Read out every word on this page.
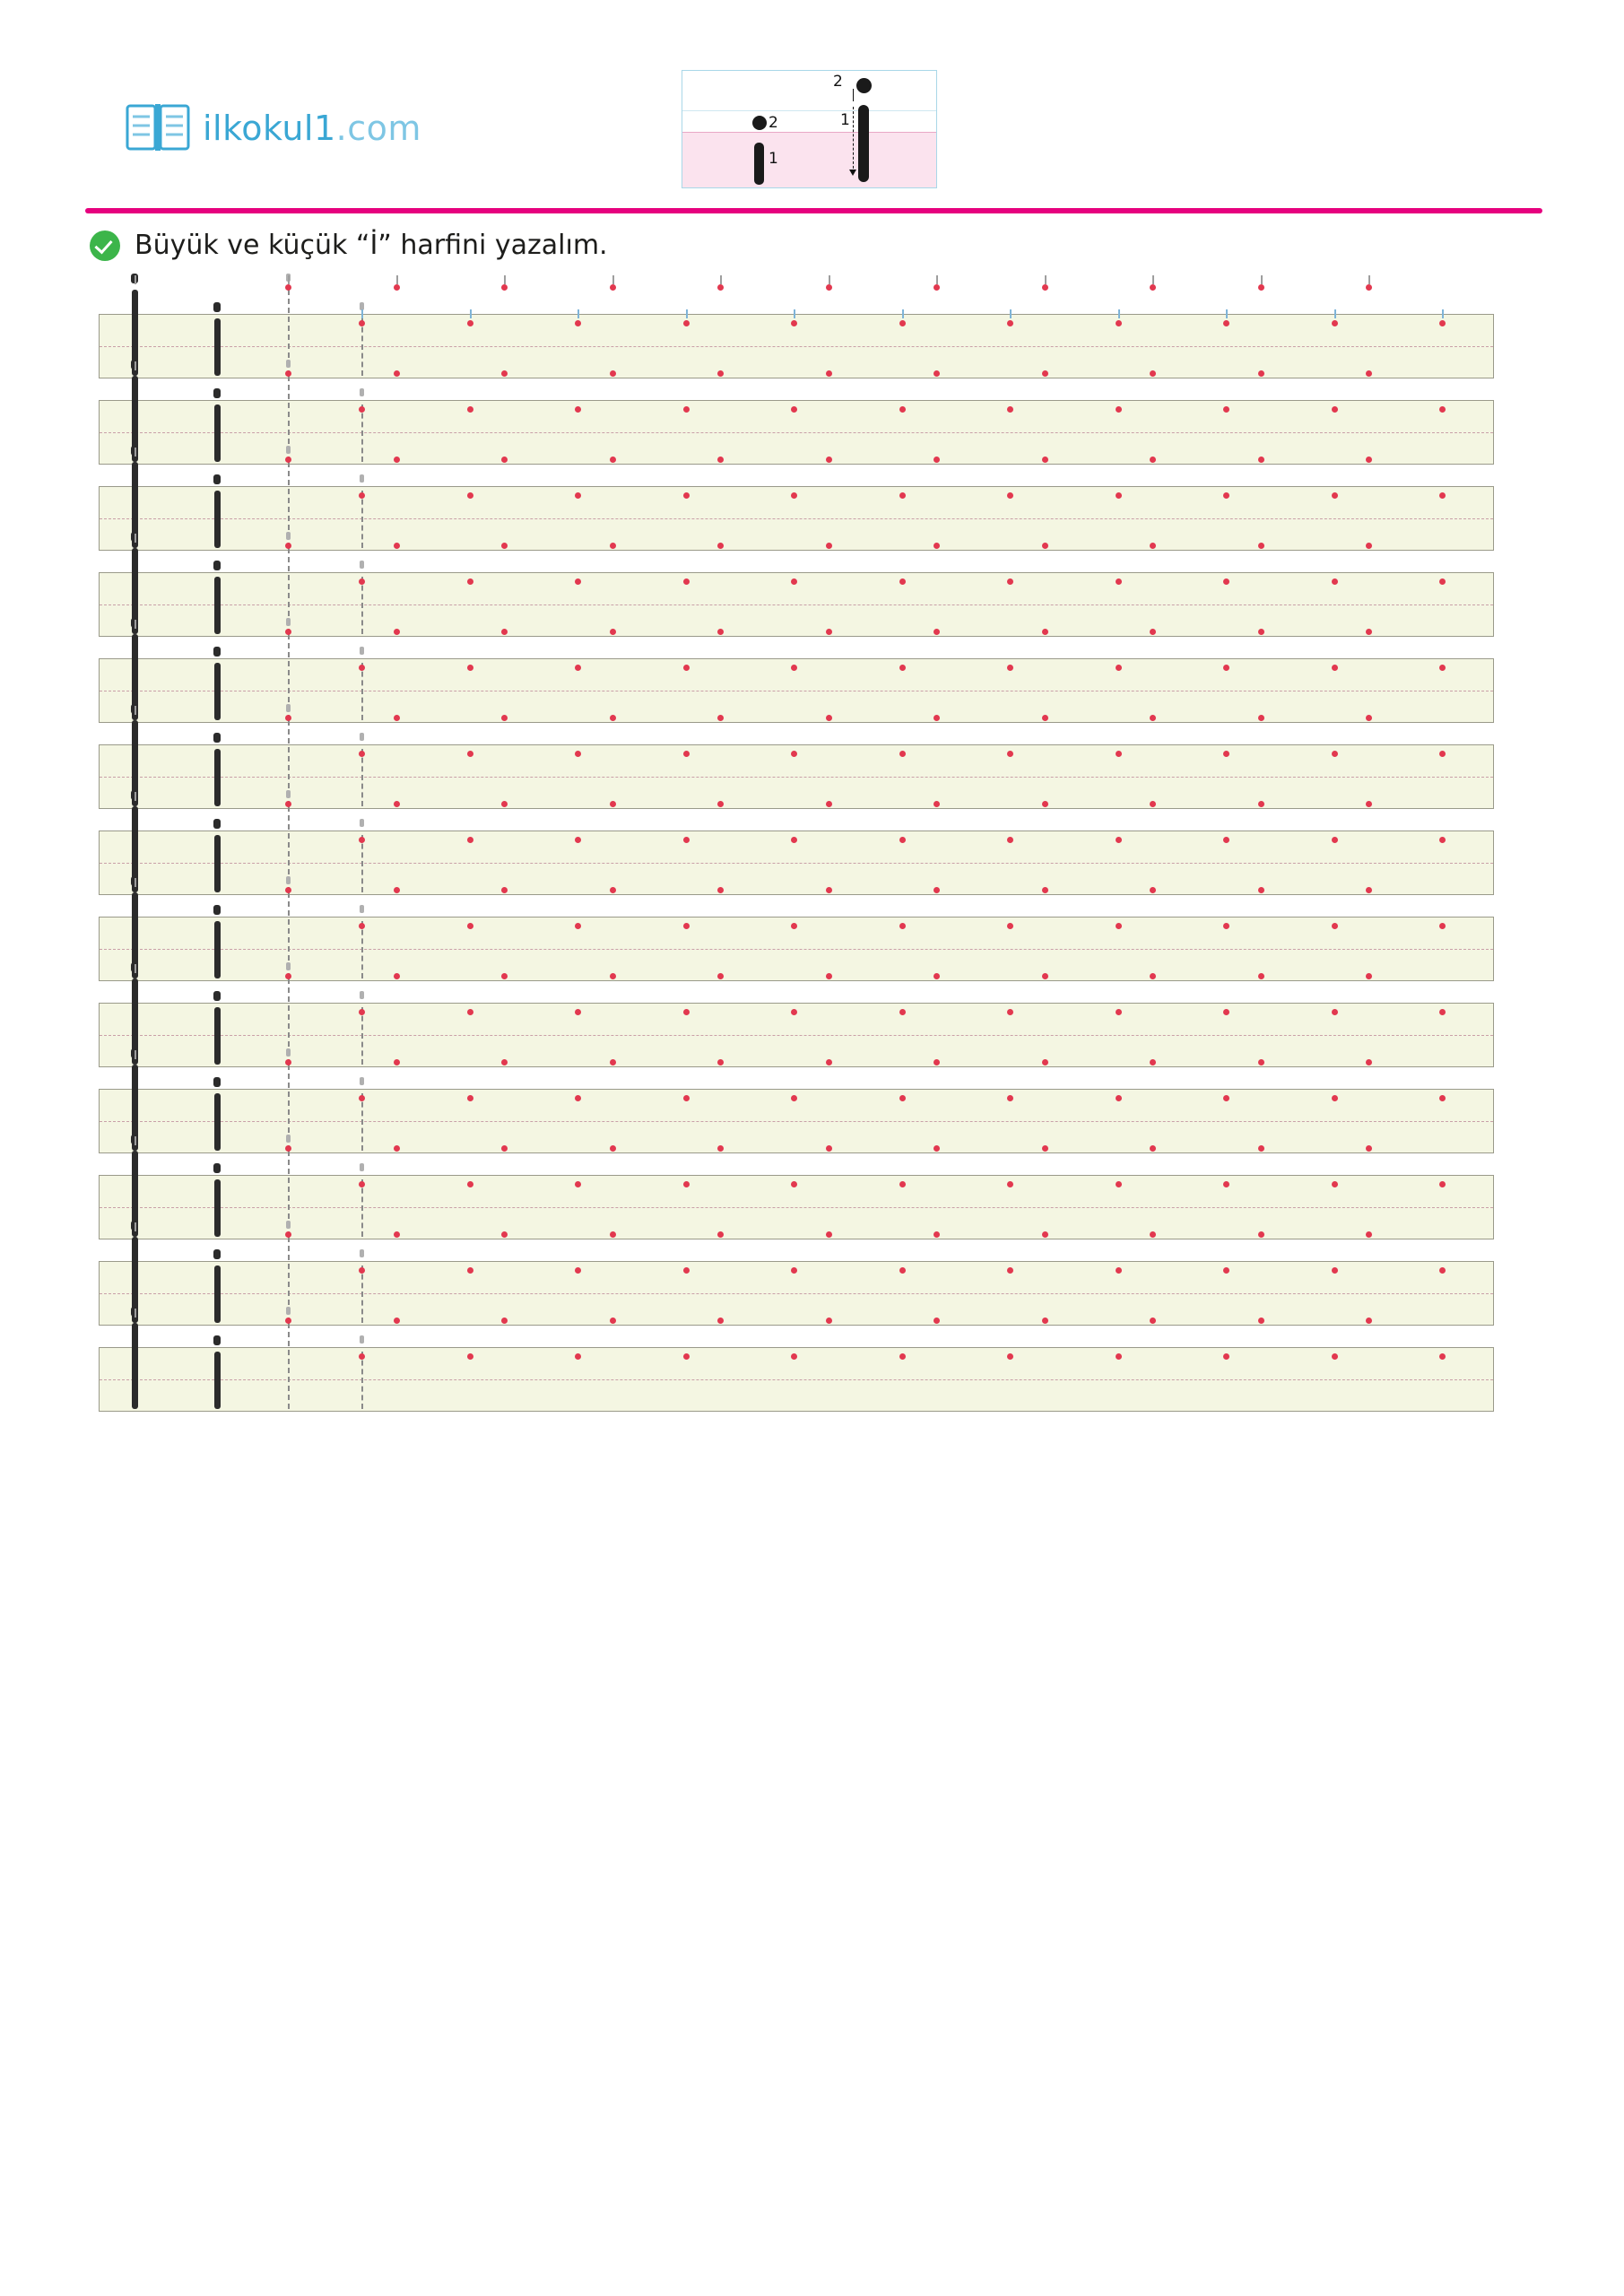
ilkokul1.com
2
1
2
1
Büyük ve küçük “İ” harfini yazalım.
